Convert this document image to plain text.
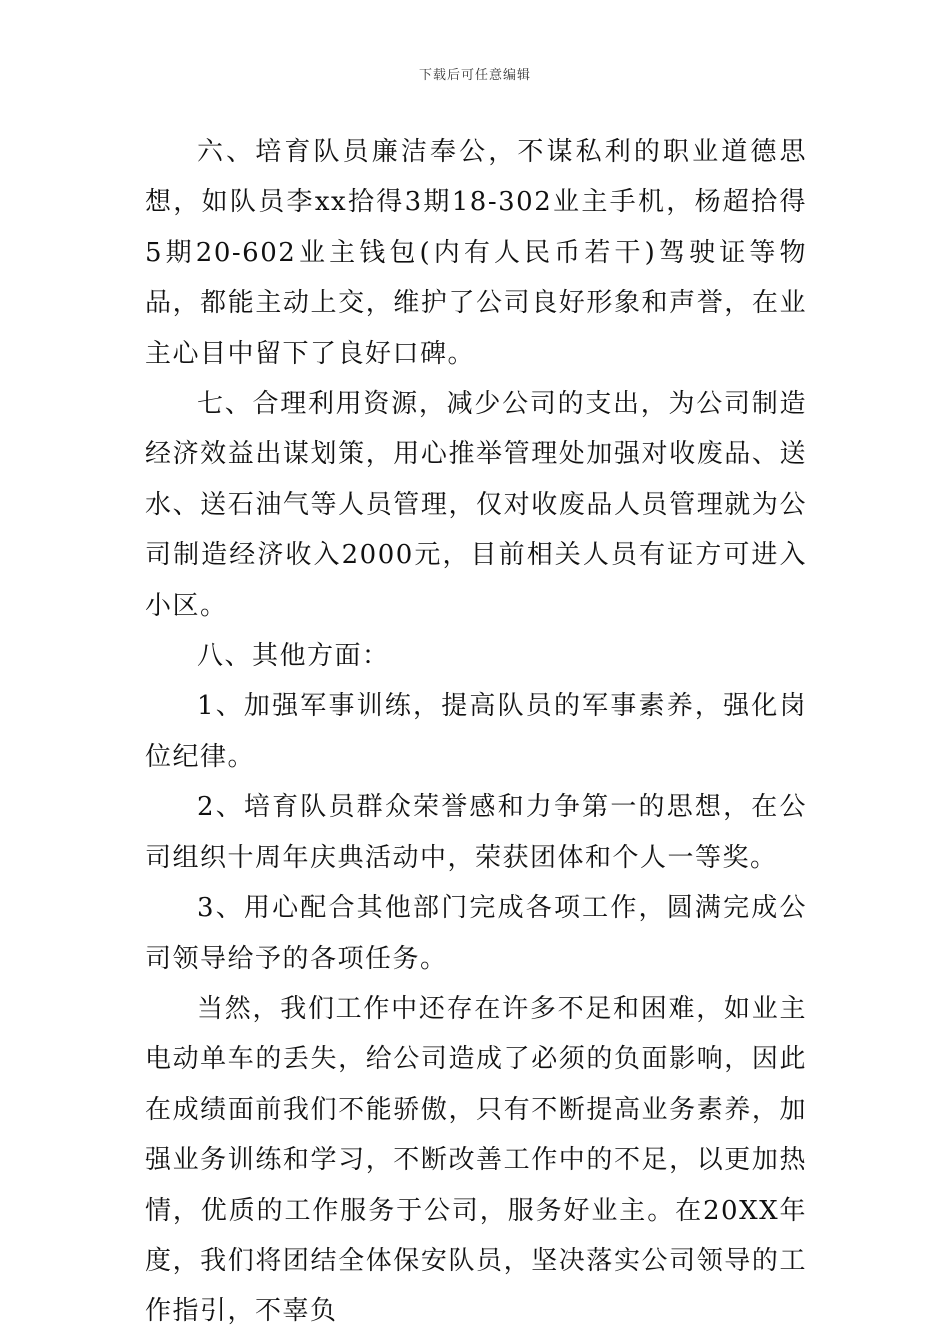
下载后可任意编辑

六、培育队员廉洁奉公，不谋私利的职业道德思想，如队员李xx拾得3期18-302业主手机，杨超拾得5期20-602业主钱包(内有人民币若干)驾驶证等物品，都能主动上交，维护了公司良好形象和声誉，在业主心目中留下了良好口碑。

七、合理利用资源，减少公司的支出，为公司制造经济效益出谋划策，用心推举管理处加强对收废品、送水、送石油气等人员管理，仅对收废品人员管理就为公司制造经济收入2000元，目前相关人员有证方可进入小区。

八、其他方面：

1、加强军事训练，提高队员的军事素养，强化岗位纪律。

2、培育队员群众荣誉感和力争第一的思想，在公司组织十周年庆典活动中，荣获团体和个人一等奖。

3、用心配合其他部门完成各项工作，圆满完成公司领导给予的各项任务。

当然，我们工作中还存在许多不足和困难，如业主电动单车的丢失，给公司造成了必须的负面影响，因此在成绩面前我们不能骄傲，只有不断提高业务素养，加强业务训练和学习，不断改善工作中的不足，以更加热情，优质的工作服务于公司，服务好业主。在20XX年度，我们将团结全体保安队员，坚决落实公司领导的工作指引，不辜负
